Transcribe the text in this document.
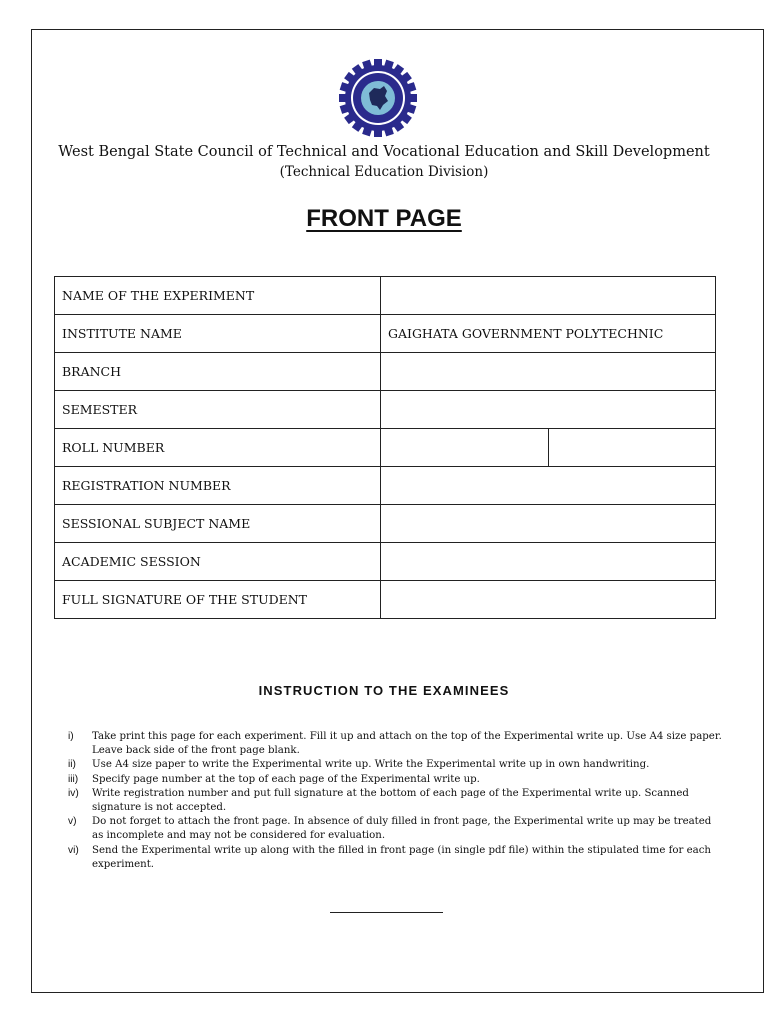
West Bengal State Council of Technical and Vocational Education and Skill Development
(Technical Education Division)
FRONT PAGE
NAME OF THE EXPERIMENT		
INSTITUTE NAME	GAIGHATA GOVERNMENT POLYTECHNIC	
BRANCH		
SEMESTER		
ROLL NUMBER		
REGISTRATION NUMBER		
SESSIONAL SUBJECT NAME		
ACADEMIC SESSION		
FULL SIGNATURE OF THE STUDENT		
INSTRUCTION TO THE EXAMINEES
i)	Take print this page for each experiment. Fill it up and attach on the top of the Experimental write up. Use A4 size paper. Leave back side of the front page blank.
ii)	Use A4 size paper to write the Experimental write up. Write the Experimental write up in own handwriting.
iii)	Specify page number at the top of each page of the Experimental write up.
iv)	Write registration number and put full signature at the bottom of each page of the Experimental write up. Scanned signature is not accepted.
v)	Do not forget to attach the front page. In absence of duly filled in front page, the Experimental write up may be treated as incomplete and may not be considered for evaluation.
vi)	Send the Experimental write up along with the filled in front page (in single pdf file) within the stipulated time for each experiment.
